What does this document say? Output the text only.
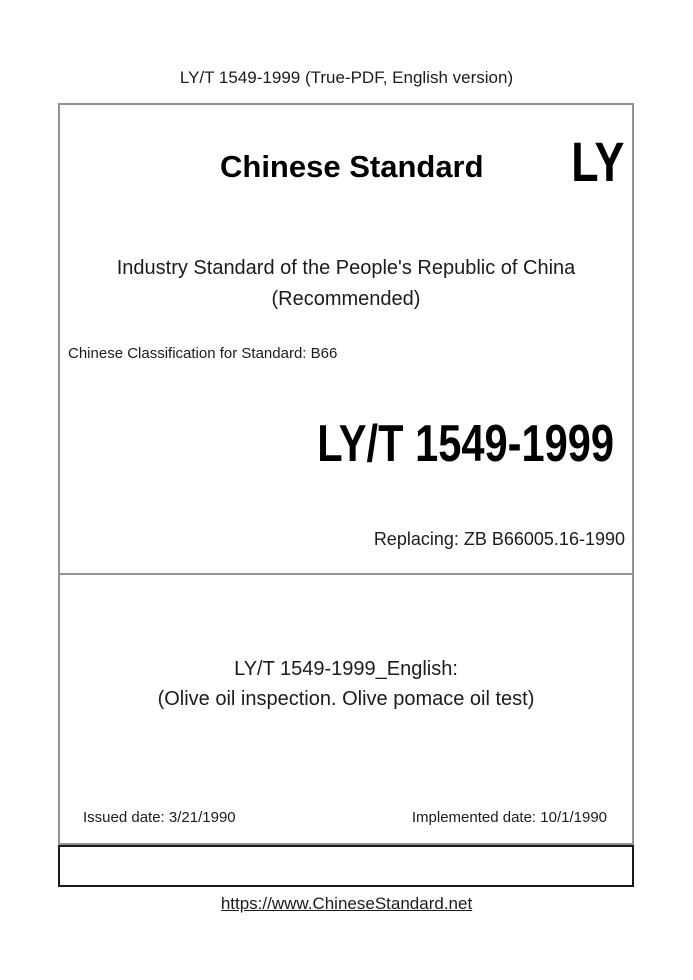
LY/T 1549-1999 (True-PDF, English version)
Chinese Standard LY
Industry Standard of the People's Republic of China
(Recommended)
Chinese Classification for Standard: B66
LY/T 1549-1999
Replacing: ZB B66005.16-1990
LY/T 1549-1999_English:
(Olive oil inspection. Olive pomace oil test)
Issued date: 3/21/1990	Implemented date: 10/1/1990
https://www.ChineseStandard.net
